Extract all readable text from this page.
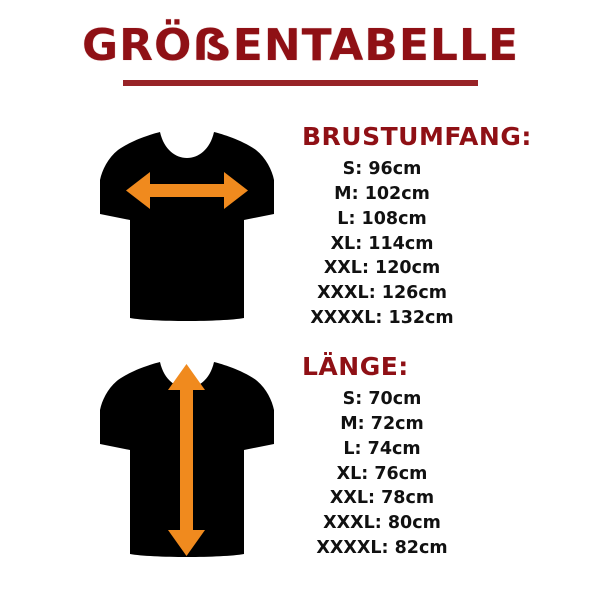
GRÖẞENTABELLE
BRUSTUMFANG:
S: 96cm
M: 102cm
L: 108cm
XL: 114cm
XXL: 120cm
XXXL: 126cm
XXXXL: 132cm
LÄNGE:
S: 70cm
M: 72cm
L: 74cm
XL: 76cm
XXL: 78cm
XXXL: 80cm
XXXXL: 82cm
